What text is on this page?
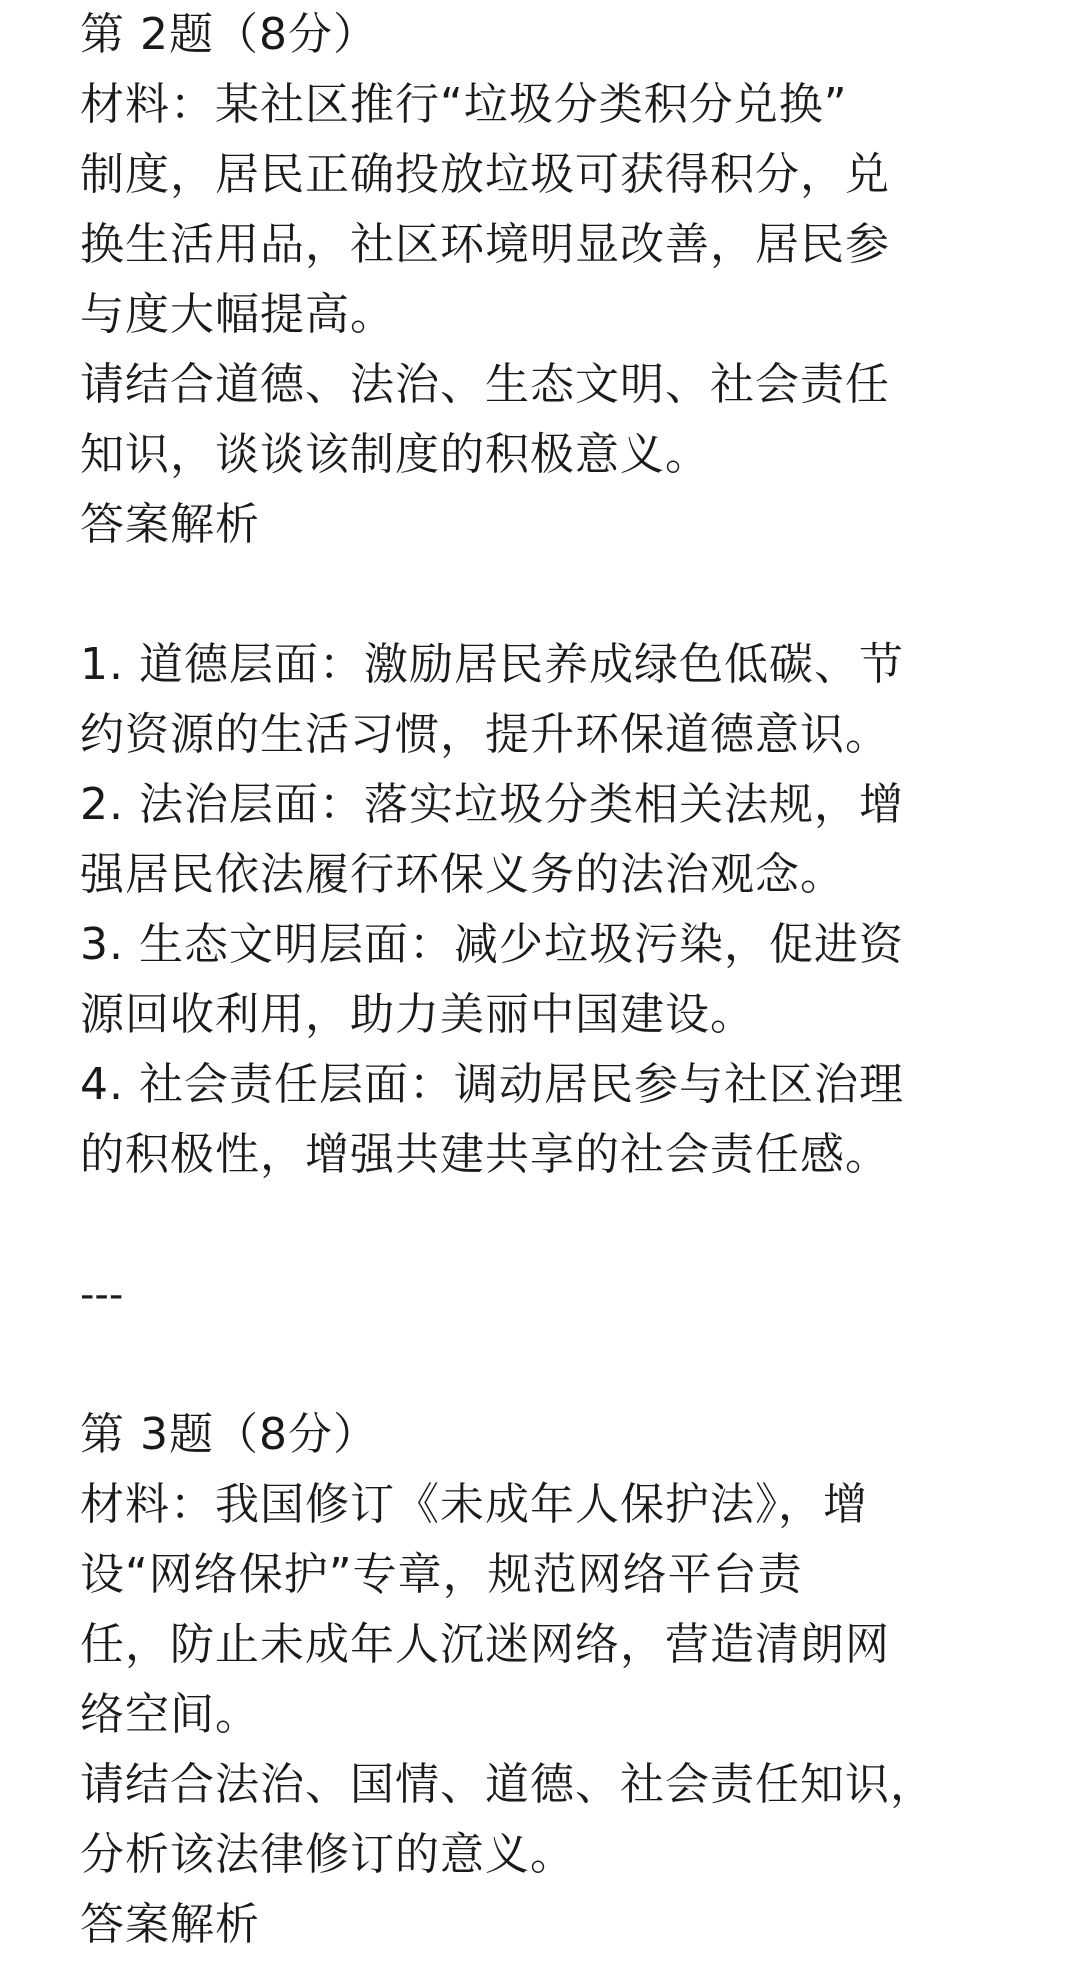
第 2题（8分）
材料：某社区推行“垃圾分类积分兑换”
制度，居民正确投放垃圾可获得积分，兑
换生活用品，社区环境明显改善，居民参
与度大幅提高。
请结合道德、法治、生态文明、社会责任
知识，谈谈该制度的积极意义。
答案解析
1. 道德层面：激励居民养成绿色低碳、节
约资源的生活习惯，提升环保道德意识。
2. 法治层面：落实垃圾分类相关法规，增
强居民依法履行环保义务的法治观念。
3. 生态文明层面：减少垃圾污染，促进资
源回收利用，助力美丽中国建设。
4. 社会责任层面：调动居民参与社区治理
的积极性，增强共建共享的社会责任感。
---
第 3题（8分）
材料：我国修订《未成年人保护法》，增
设“网络保护”专章，规范网络平台责
任，防止未成年人沉迷网络，营造清朗网
络空间。
请结合法治、国情、道德、社会责任知识，
分析该法律修订的意义。
答案解析
